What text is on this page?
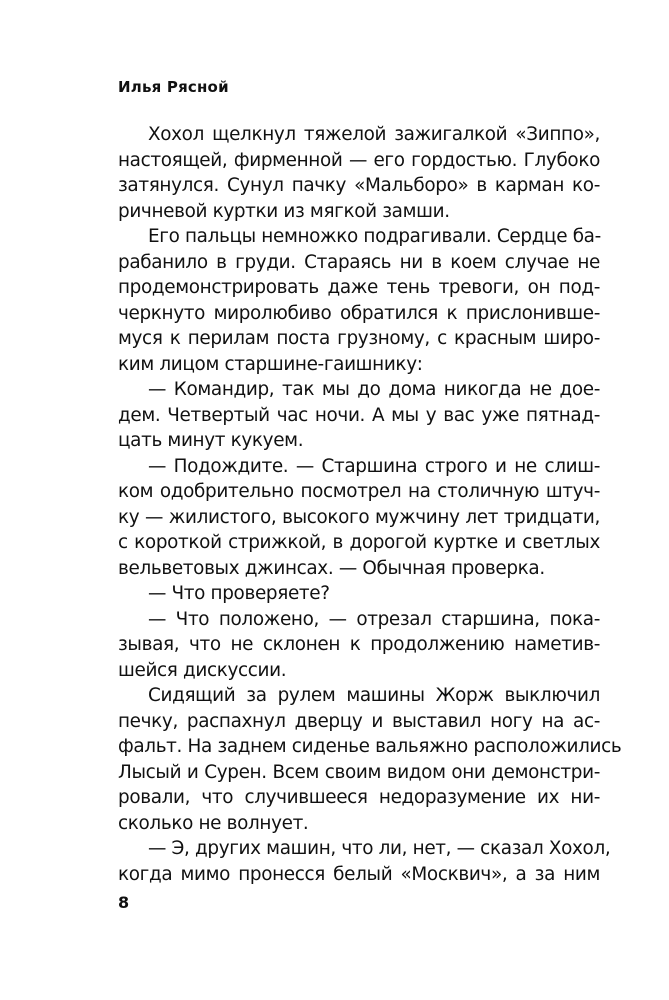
Илья Рясной
Хохол щелкнул тяжелой зажигалкой «Зиппо»,
настоящей, фирменной — его гордостью. Глубоко
затянулся. Сунул пачку «Мальборо» в карман ко-
ричневой куртки из мягкой замши.
Его пальцы немножко подрагивали. Сердце ба-
рабанило в груди. Стараясь ни в коем случае не
продемонстрировать даже тень тревоги, он под-
черкнуто миролюбиво обратился к прислонивше-
муся к перилам поста грузному, с красным широ-
ким лицом старшине-гаишнику:
— Командир, так мы до дома никогда не дое-
дем. Четвертый час ночи. А мы у вас уже пятнад-
цать минут кукуем.
— Подождите. — Старшина строго и не слиш-
ком одобрительно посмотрел на столичную штуч-
ку — жилистого, высокого мужчину лет тридцати,
с короткой стрижкой, в дорогой куртке и светлых
вельветовых джинсах. — Обычная проверка.
— Что проверяете?
— Что положено, — отрезал старшина, пока-
зывая, что не склонен к продолжению наметив-
шейся дискуссии.
Сидящий за рулем машины Жорж выключил
печку, распахнул дверцу и выставил ногу на ас-
фальт. На заднем сиденье вальяжно расположились
Лысый и Сурен. Всем своим видом они демонстри-
ровали, что случившееся недоразумение их ни-
сколько не волнует.
— Э, других машин, что ли, нет, — сказал Хохол,
когда мимо пронесся белый «Москвич», а за ним
8
